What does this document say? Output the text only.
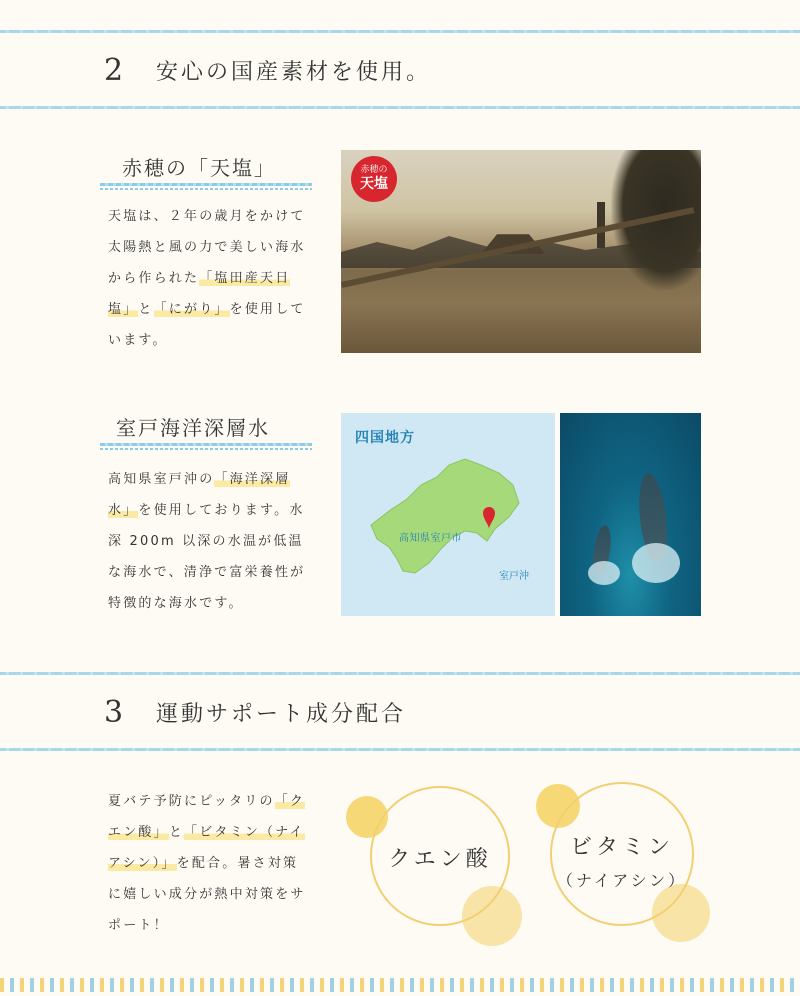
2 安心の国産素材を使用。
赤穂の「天塩」
天塩は、２年の歳月をかけて太陽熱と風の力で美しい海水から作られた「塩田産天日塩」と「にがり」を使用しています。
赤穂の
天塩
室戸海洋深層水
高知県室戸沖の「海洋深層水」を使用しております。水深 200m 以深の水温が低温な海水で、清浄で富栄養性が特徴的な海水です。
四国地方
高知県室戸市
室戸沖
3 運動サポート成分配合
夏バテ予防にピッタリの「クエン酸」と「ビタミン（ナイアシン）」を配合。暑さ対策に嬉しい成分が熱中対策をサポート！
クエン酸	ビタミン
（ナイアシン）
